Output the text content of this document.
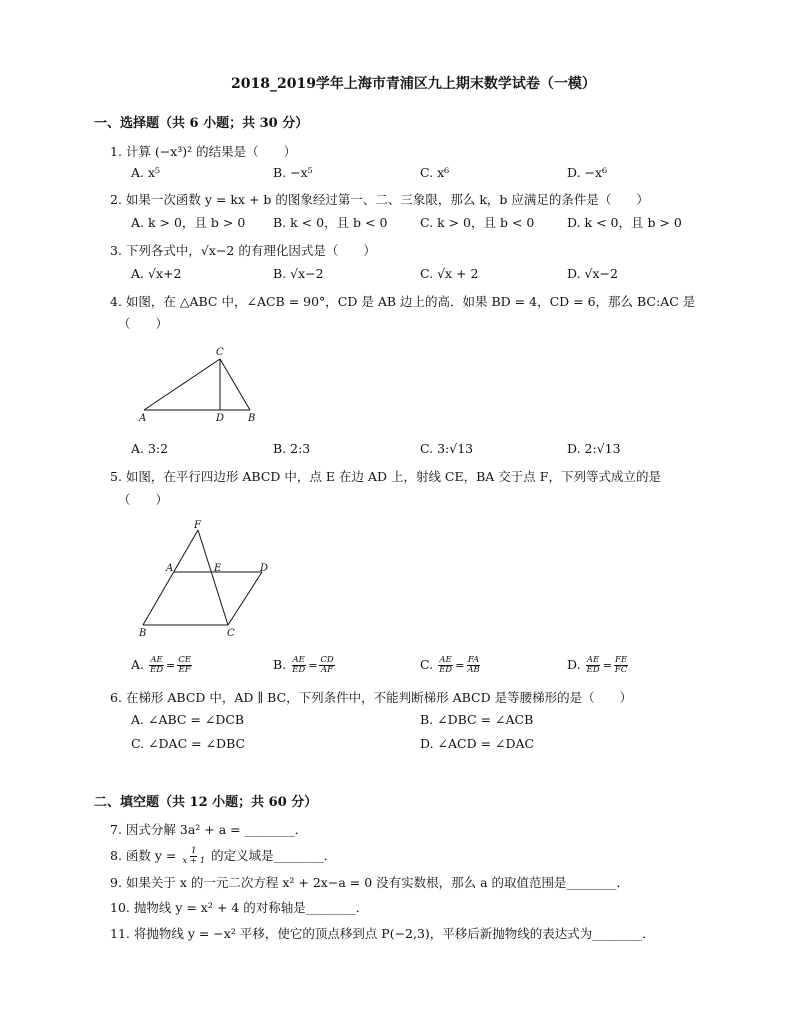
2018_2019学年上海市青浦区九上期末数学试卷（一模）
一、选择题（共 6 小题；共 30 分）
1. 计算 (−x³)² 的结果是（　　）
A. x⁵	B. −x⁵	C. x⁶	D. −x⁶
2. 如果一次函数 y = kx + b 的图象经过第一、二、三象限，那么 k，b 应满足的条件是（　　）
A. k > 0，且 b > 0 B. k < 0，且 b < 0	C. k > 0，且 b < 0	D. k < 0，且 b > 0
3. 下列各式中，√x−2 的有理化因式是（　　）
A. √x+2	B. √x−2	C. √x + 2	D. √x−2
4. 如图，在 △ABC 中，∠ACB = 90°，CD 是 AB 边上的高．如果 BD = 4，CD = 6，那么 BC:AC 是
（　　）
C
A	D B
A. 3:2	B. 2:3	C. 3:√13	D. 2:√13
5. 如图，在平行四边形 ABCD 中，点 E 在边 AD 上，射线 CE，BA 交于点 F，下列等式成立的是
（　　）
F
A	E	D
B	C
A. $\frac{AE}{ED} = \frac{CE}{EF}$	B. $\frac{AE}{ED} = \frac{CD}{AF}$	C. $\frac{AE}{ED} = \frac{FA}{AB}$	D. $\frac{AE}{ED} = \frac{FE}{FC}$
6. 在梯形 ABCD 中，AD ∥ BC，下列条件中，不能判断梯形 ABCD 是等腰梯形的是（　　）
A. ∠ABC = ∠DCB	B. ∠DBC = ∠ACB
C. ∠DAC = ∠DBC	D. ∠ACD = ∠DAC
二、填空题（共 12 小题；共 60 分）
7. 因式分解 3a² + a = ________．
8. 函数 $y = \frac{1}{x + 1}$ 的定义域是________．
9. 如果关于 x 的一元二次方程 x² + 2x−a = 0 没有实数根，那么 a 的取值范围是________．
10. 抛物线 y = x² + 4 的对称轴是________．
11. 将抛物线 y = −x² 平移，使它的顶点移到点 P(−2,3)，平移后新抛物线的表达式为________．
